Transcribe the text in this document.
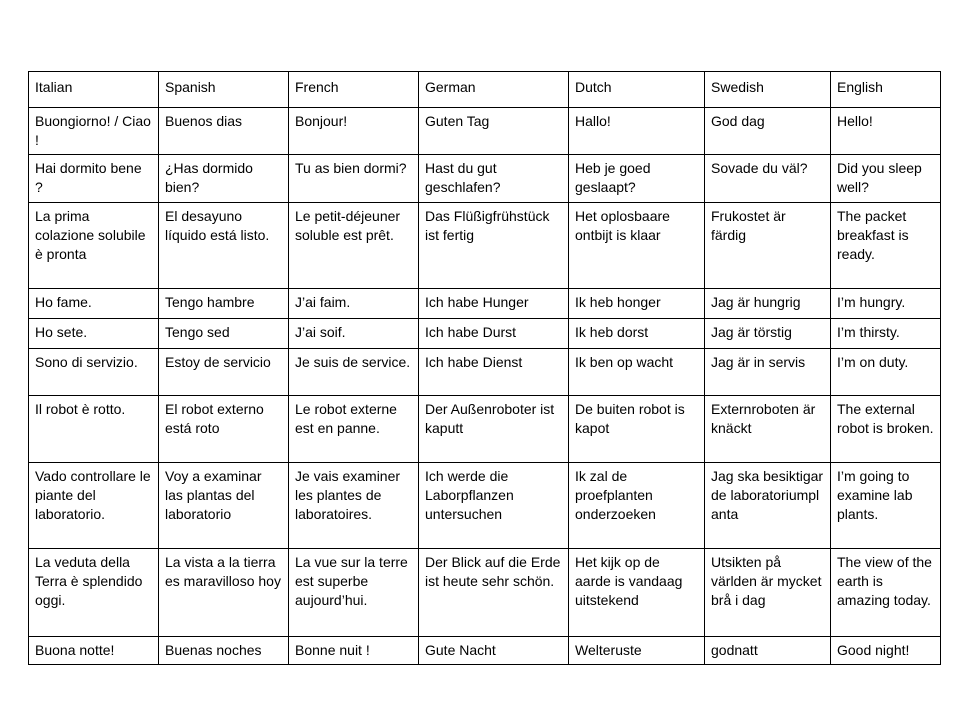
Italian	Spanish	French	German	Dutch	Swedish	English
Buongiorno! / Ciao !	Buenos dias	Bonjour!	Guten Tag	Hallo!	God dag	Hello!
Hai dormito bene ?	¿Has dormido bien?	Tu as bien dormi?	Hast du gut geschlafen?	Heb je goed geslaapt?	Sovade du väl?	Did you sleep well?
La prima colazione solubile è pronta	El desayuno líquido está listo.	Le petit-déjeuner soluble est prêt.	Das Flüßigfrühstück ist fertig	Het oplosbaare ontbijt is klaar	Frukostet är färdig	The packet breakfast is ready.
Ho fame.	Tengo hambre	J’ai faim.	Ich habe Hunger	Ik heb honger	Jag är hungrig	I’m hungry.
Ho sete.	Tengo sed	J’ai soif.	Ich habe Durst	Ik heb dorst	Jag är törstig	I’m thirsty.
Sono di servizio.	Estoy de servicio	Je suis de service.	Ich habe Dienst	Ik ben op wacht	Jag är in servis	I’m on duty.
Il robot è rotto.	El robot externo está roto	Le robot externe est en panne.	Der Außenroboter ist kaputt	De buiten robot is kapot	Externroboten är knäckt	The external robot is broken.
Vado controllare le piante del laboratorio.	Voy a examinar las plantas del laboratorio	Je vais examiner les plantes de laboratoires.	Ich werde die Laborpflanzen untersuchen	Ik zal de proefplanten onderzoeken	Jag ska besiktigar de laboratoriumpl anta	I’m going to examine lab plants.
La veduta della Terra è splendido oggi.	La vista a la tierra es maravilloso hoy	La vue sur la terre est superbe aujourd’hui.	Der Blick auf die Erde ist heute sehr schön.	Het kijk op de aarde is vandaag uitstekend	Utsikten på världen är mycket brå i dag	The view of the earth is amazing today.
Buona notte!	Buenas noches	Bonne nuit !	Gute Nacht	Welteruste	godnatt	Good night!
